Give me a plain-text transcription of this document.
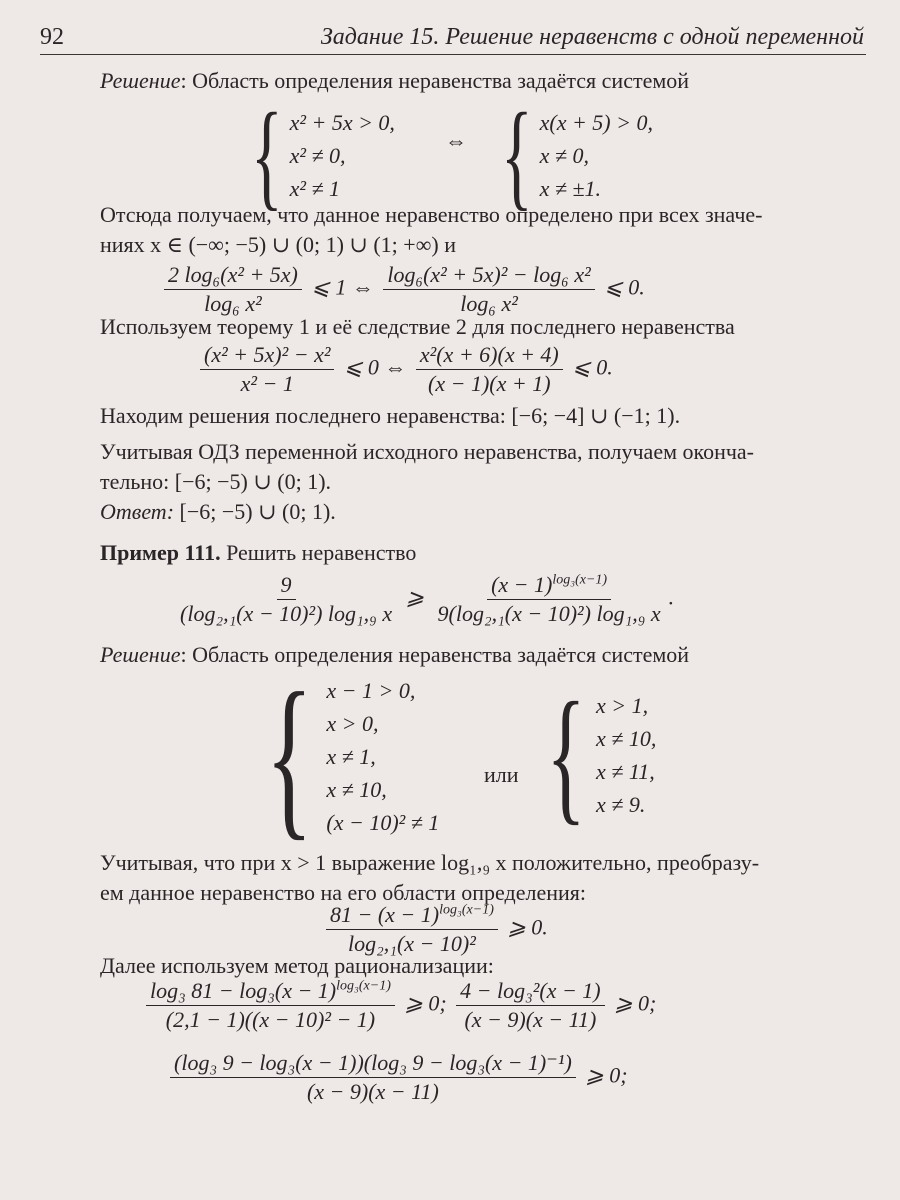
92	Задание 15. Решение неравенств с одной переменной
Решение: Область определения неравенства задаётся системой
{ x² + 5x > 0,
x² ≠ 0,
x² ≠ 1
⇔ { x(x + 5) > 0,
x ≠ 0,
x ≠ ±1.
Отсюда получаем, что данное неравенство определено при всех значе-
ниях x ∈ (−∞; −5) ∪ (0; 1) ∪ (1; +∞) и
$\frac{\text{2 log₆(x² + 5x)}}{\text{log₆ x²}}$ ⩽ 1 ⇔ $\frac{\text{log₆(x² + 5x)² − log₆ x²}}{\text{log₆ x²}}$ ⩽ 0.
Используем теорему 1 и её следствие 2 для последнего неравенства
$\frac{\text{(x² + 5x)² − x²}}{\text{x² − 1}}$ ⩽ 0 ⇔ $\frac{\text{x²(x + 6)(x + 4)}}{(x - 1)(x + 1)}$ ⩽ 0.
Находим решения последнего неравенства: [−6; −4] ∪ (−1; 1).
Учитывая ОДЗ переменной исходного неравенства, получаем оконча-
тельно: [−6; −5) ∪ (0; 1).
Ответ: [−6; −5) ∪ (0; 1).
Пример 111. Решить неравенство
$\frac{9}{\text{(log₂,₁(x − 10)²) log₁,₉ x}}$ ⩾ $\frac{(x - 1)^{log_3(x-1)}}{\text{9(log₂,₁(x − 10)²) log₁,₉ x}}$ .
Решение: Область определения неравенства задаётся системой
{ x − 1 > 0,
x > 0,
x ≠ 1,
x ≠ 10,
(x − 10)² ≠ 1
или { x > 1,
x ≠ 10,
x ≠ 11,
x ≠ 9.
Учитывая, что при x > 1 выражение log₁,₉ x положительно, преобразу-
ем данное неравенство на его области определения:
$\frac{81 - (x - 1)^{log_3(x-1)}}{\text{log₂,₁(x − 10)²}}$ ⩾ 0.
Далее используем метод рационализации:
$\frac{\log_3 81 - \log_3(x - 1)^{log_3(x-1)}}{\text{(2,1 − 1)((x − 10)² − 1)}}$ ⩾ 0; $\frac{\text{4 − log₃²(x − 1)}}{(x - 9)(x - 11)}$ ⩾ 0;
$\frac{\text{(log₃ 9 − log₃(x − 1))(log₃ 9 − log₃(x − 1)⁻¹)}}{(x - 9)(x - 11)}$ ⩾ 0;
